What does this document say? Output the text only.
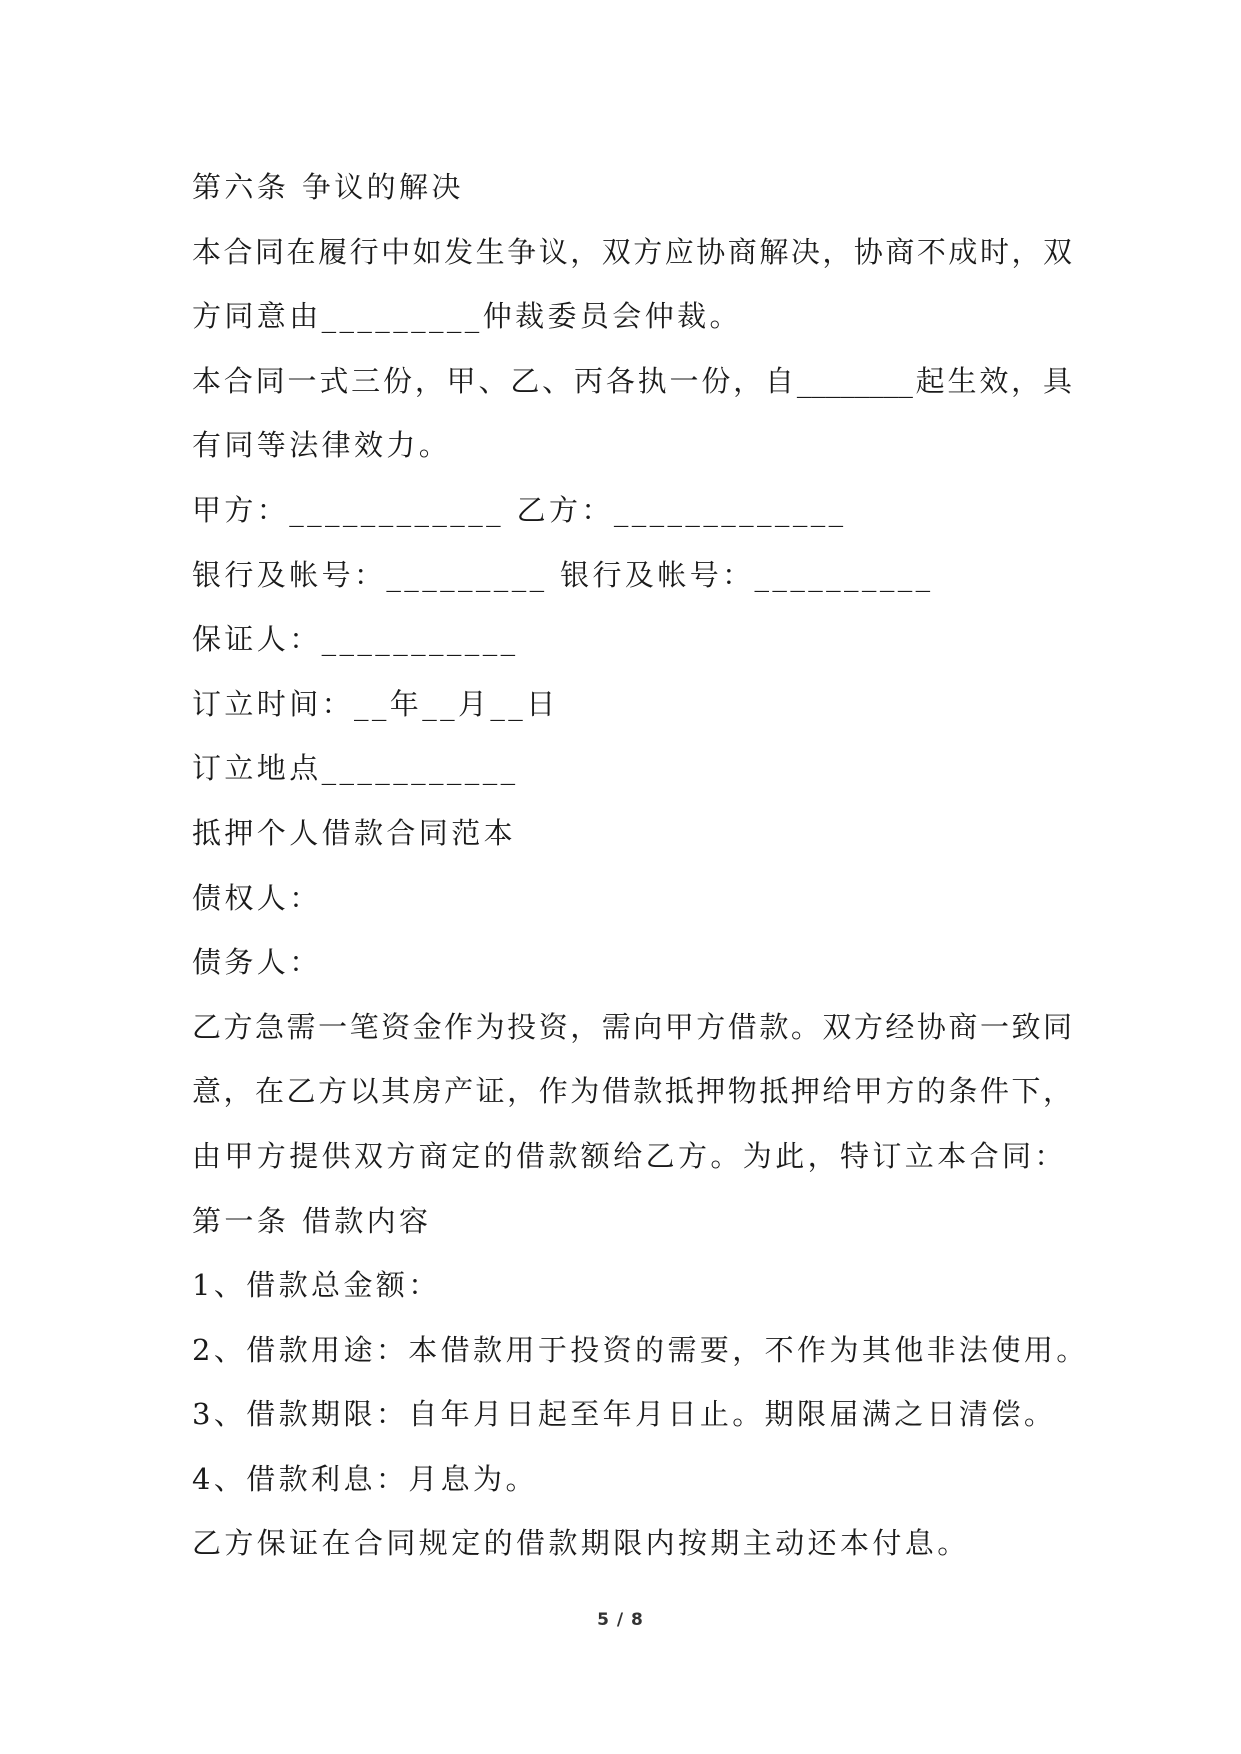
第六条 争议的解决
本合同在履行中如发生争议，双方应协商解决，协商不成时，双
方同意由_________仲裁委员会仲裁。
本合同一式三份，甲、乙、丙各执一份，自________起生效，具
有同等法律效力。
甲方：____________ 乙方：_____________
银行及帐号：_________ 银行及帐号：__________
保证人：___________
订立时间：__年__月__日
订立地点___________
抵押个人借款合同范本
债权人：
债务人：
乙方急需一笔资金作为投资，需向甲方借款。双方经协商一致同
意，在乙方以其房产证，作为借款抵押物抵押给甲方的条件下，
由甲方提供双方商定的借款额给乙方。为此，特订立本合同：
第一条 借款内容
1、借款总金额：
2、借款用途：本借款用于投资的需要，不作为其他非法使用。
3、借款期限：自年月日起至年月日止。期限届满之日清偿。
4、借款利息：月息为。
乙方保证在合同规定的借款期限内按期主动还本付息。
5 / 8
